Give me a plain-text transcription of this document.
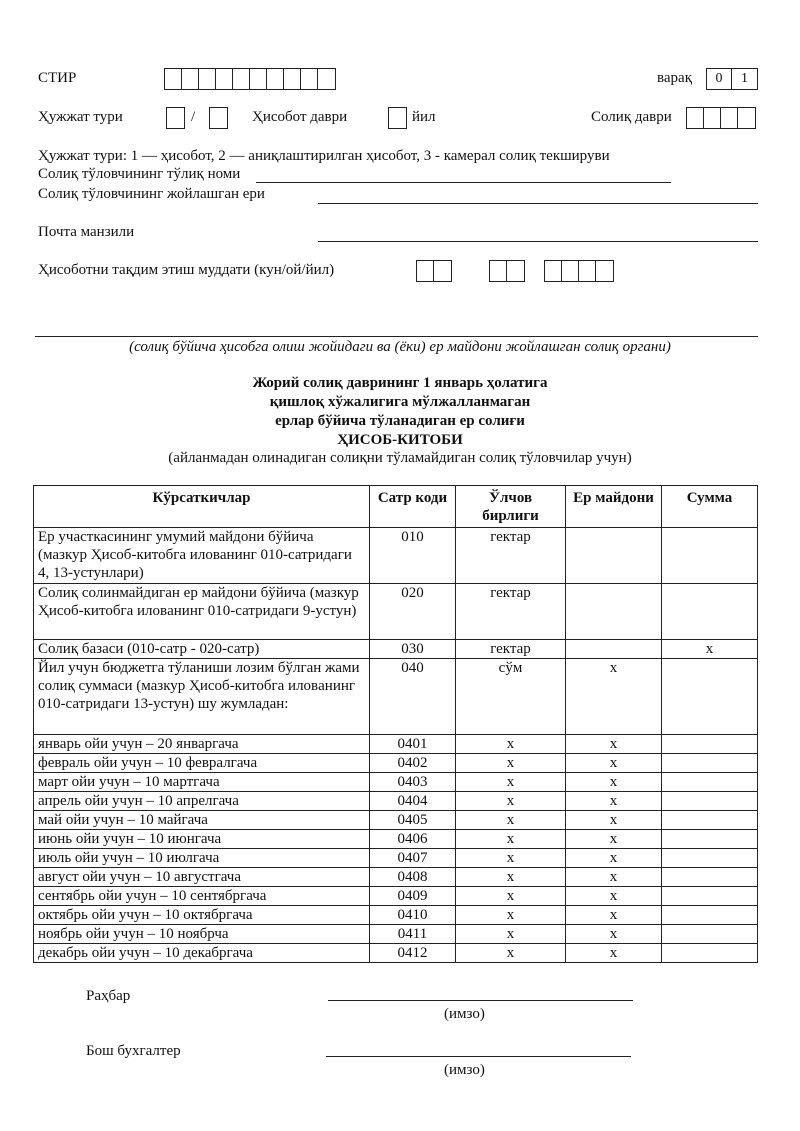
СТИР	варақ	0	1
Ҳужжат тури	/	Ҳисобот даври	йил	Солиқ даври
Ҳужжат тури: 1 — ҳисобот, 2 — аниқлаштирилган ҳисобот, 3 - камерал солиқ текшируви
Солиқ тўловчининг тўлиқ номи
Солиқ тўловчининг жойлашган ери
Почта манзили
Ҳисоботни тақдим этиш муддати (кун/ой/йил)
(солиқ бўйича ҳисобга олиш жойидаги ва (ёки) ер майдони жойлашган солиқ органи)
Жорий солиқ даврининг 1 январь ҳолатига
қишлоқ хўжалигига мўлжалланмаган
ерлар бўйича тўланадиган ер солиғи
ҲИСОБ-КИТОБИ
(айланмадан олинадиган солиқни тўламайдиган солиқ тўловчилар учун)
Кўрсаткичлар	Сатр коди	Ўлчов бирлиги	Ер майдони	Сумма
Ер участкасининг умумий майдони бўйича (мазкур Ҳисоб-китобга иловaнинг 010-сатридаги 4, 13-устунлари)	010	гектар		
Солиқ солинмайдиган ер майдони бўйича (мазкур Ҳисоб-китобга иловaнинг 010-сатридаги 9-устун)	020	гектар		
Солиқ базаси (010-сатр - 020-сатр)	030	гектар		x
Йил учун бюджетга тўланиши лозим бўлган жами солиқ суммаси (мазкур Ҳисоб-китобга иловaнинг 010-сатридаги 13-устун) шу жумладан:	040	сўм	x	
январь ойи учун – 20 январгача	0401	x	x	
февраль ойи учун – 10 февралгача	0402	x	x	
март ойи учун – 10 мартгача	0403	x	x	
апрель ойи учун – 10 апрелгача	0404	x	x	
май ойи учун – 10 майгача	0405	x	x	
июнь ойи учун – 10 июнгача	0406	x	x	
июль ойи учун – 10 июлгача	0407	x	x	
август ойи учун – 10 августгача	0408	x	x	
сентябрь ойи учун – 10 сентябргача	0409	x	x	
октябрь ойи учун – 10 октябргача	0410	x	x	
ноябрь ойи учун – 10 ноябрча	0411	x	x	
декабрь ойи учун – 10 декабргача	0412	x	x	
Раҳбар
(имзо)
Бош бухгалтер
(имзо)
